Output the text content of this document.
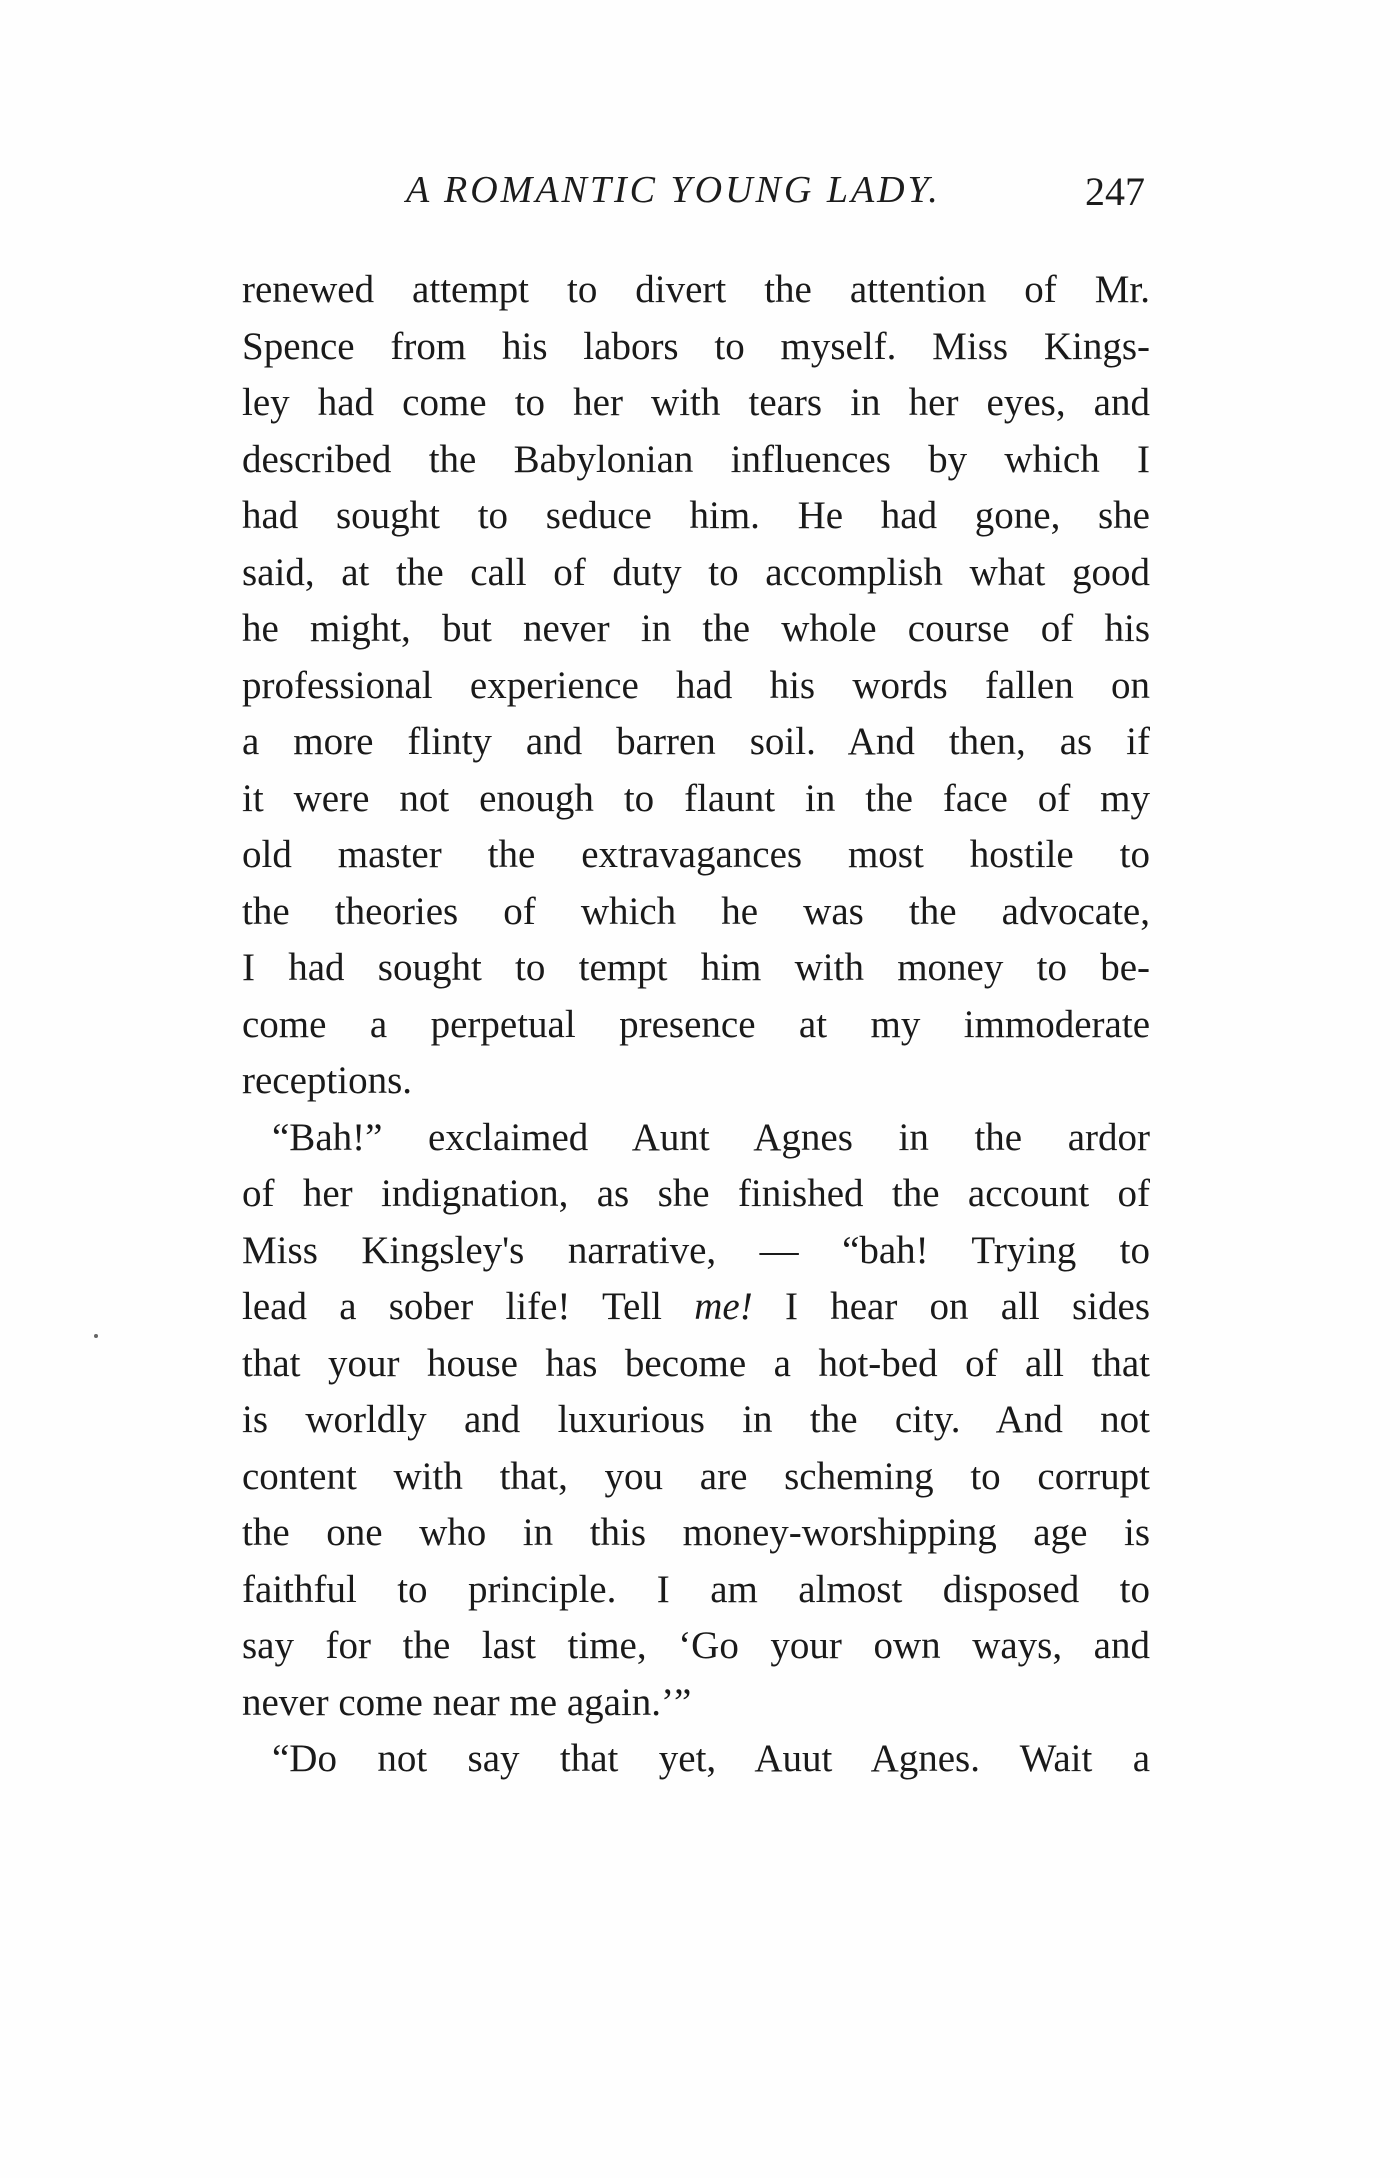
A ROMANTIC YOUNG LADY.	247
renewed attempt to divert the attention of Mr.
Spence from his labors to myself. Miss Kings-
ley had come to her with tears in her eyes, and
described the Babylonian influences by which I
had sought to seduce him. He had gone, she
said, at the call of duty to accomplish what good
he might, but never in the whole course of his
professional experience had his words fallen on
a more flinty and barren soil. And then, as if
it were not enough to flaunt in the face of my
old master the extravagances most hostile to
the theories of which he was the advocate,
I had sought to tempt him with money to be-
come a perpetual presence at my immoderate
receptions.
“Bah!” exclaimed Aunt Agnes in the ardor
of her indignation, as she finished the account of
Miss Kingsley's narrative, — “bah! Trying to
lead a sober life! Tell me! I hear on all sides
that your house has become a hot-bed of all that
is worldly and luxurious in the city. And not
content with that, you are scheming to corrupt
the one who in this money-worshipping age is
faithful to principle. I am almost disposed to
say for the last time, ‘Go your own ways, and
never come near me again.’”
“Do not say that yet, Auut Agnes. Wait a
